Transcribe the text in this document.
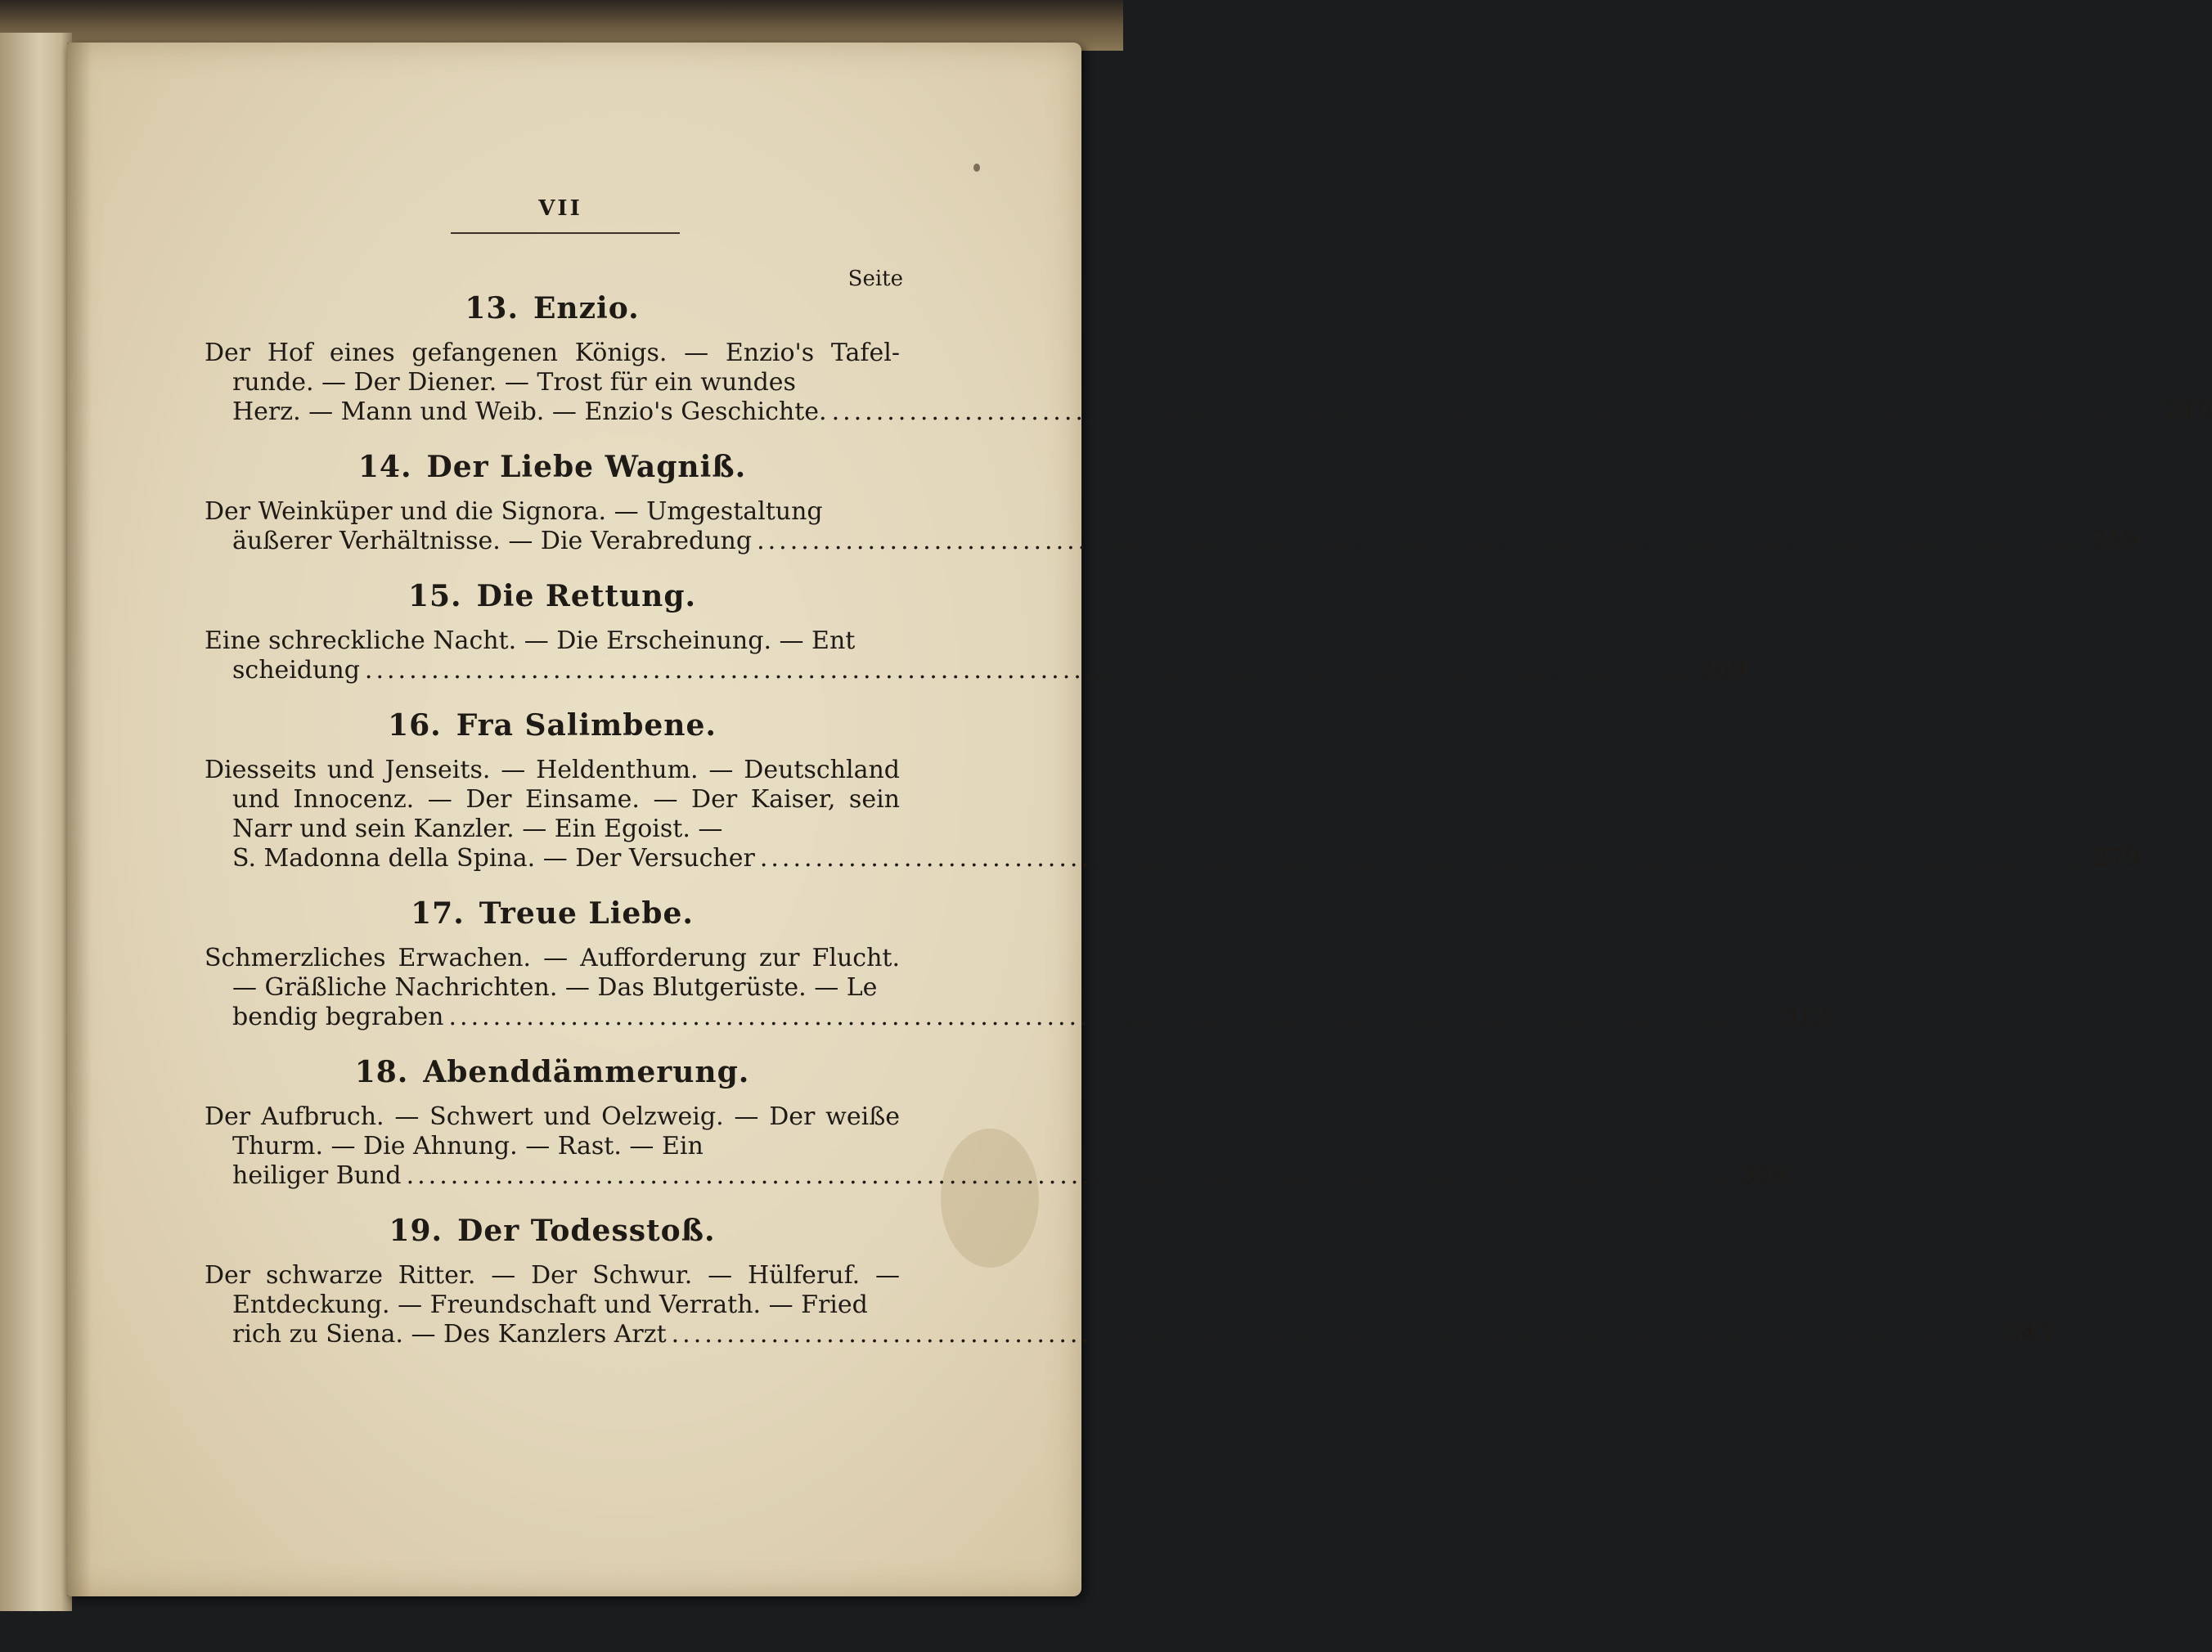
VII
Seite
13. Enzio.
Der Hof eines gefangenen Königs. — Enzio's Tafelrunde. — Der Diener. — Trost für ein wundes
Herz. — Mann und Weib. — Enzio's Geschichte. ........................................................................................................................ 210
14. Der Liebe Wagniß.
Der Weinküper und die Signora. — Umgestaltung
äußerer Verhältnisse. — Die Verabredung ........................................................................................................................ 249
15. Die Rettung.
Eine schreckliche Nacht. — Die Erscheinung. — Ent
scheidung ........................................................................................................................ 269
16. Fra Salimbene.
Diesseits und Jenseits. — Heldenthum. — Deutschland und Innocenz. — Der Einsame. — Der Kaiser, sein Narr und sein Kanzler. — Ein Egoist. —
S. Madonna della Spina. — Der Versucher ........................................................................................................................ 279
17. Treue Liebe.
Schmerzliches Erwachen. — Aufforderung zur Flucht. — Gräßliche Nachrichten. — Das Blutgerüste. — Le
bendig begraben ........................................................................................................................ 312
18. Abenddämmerung.
Der Aufbruch. — Schwert und Oelzweig. — Der weiße Thurm. — Die Ahnung. — Rast. — Ein
heiliger Bund ........................................................................................................................ 326
19. Der Todesstoß.
Der schwarze Ritter. — Der Schwur. — Hülferuf. — Entdeckung. — Freundschaft und Verrath. — Fried
rich zu Siena. — Des Kanzlers Arzt ........................................................................................................................ 343
